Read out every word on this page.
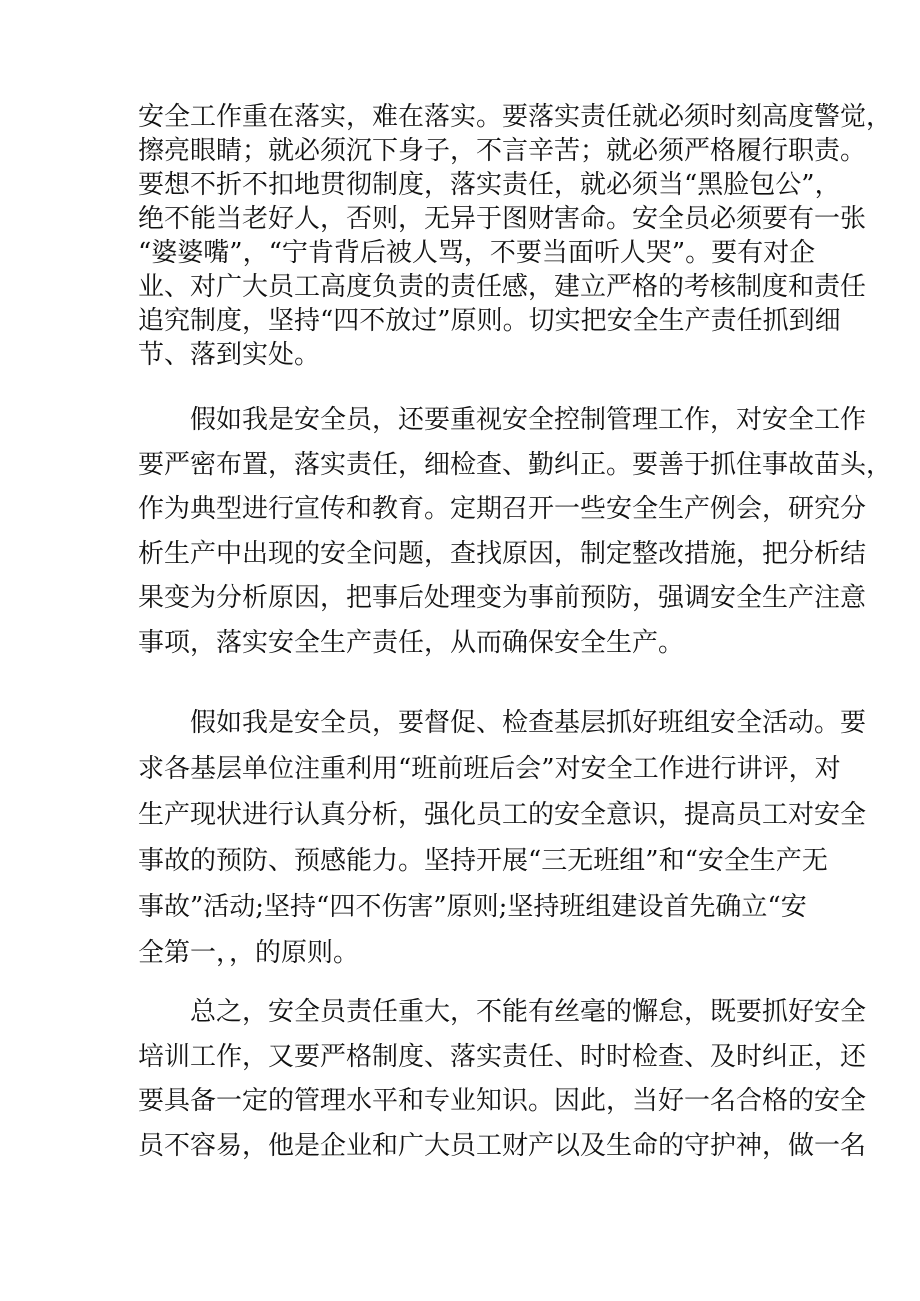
安全工作重在落实，难在落实。要落实责任就必须时刻高度警觉，
擦亮眼睛；就必须沉下身子，不言辛苦；就必须严格履行职责。
要想不折不扣地贯彻制度，落实责任，就必须当“黑脸包公”，
绝不能当老好人，否则，无异于图财害命。安全员必须要有一张
“婆婆嘴”，“宁肯背后被人骂，不要当面听人哭”。要有对企
业、对广大员工高度负责的责任感，建立严格的考核制度和责任
追究制度，坚持“四不放过”原则。切实把安全生产责任抓到细
节、落到实处。
　　假如我是安全员，还要重视安全控制管理工作，对安全工作
要严密布置，落实责任，细检查、勤纠正。要善于抓住事故苗头，
作为典型进行宣传和教育。定期召开一些安全生产例会，研究分
析生产中出现的安全问题，查找原因，制定整改措施，把分析结
果变为分析原因，把事后处理变为事前预防，强调安全生产注意
事项，落实安全生产责任，从而确保安全生产。
　　假如我是安全员，要督促、检查基层抓好班组安全活动。要
求各基层单位注重利用“班前班后会”对安全工作进行讲评，对
生产现状进行认真分析，强化员工的安全意识，提高员工对安全
事故的预防、预感能力。坚持开展“三无班组”和“安全生产无
事故”活动;坚持“四不伤害”原则;坚持班组建设首先确立“安
全第一，，的原则。
　　总之，安全员责任重大，不能有丝毫的懈怠，既要抓好安全
培训工作，又要严格制度、落实责任、时时检查、及时纠正，还
要具备一定的管理水平和专业知识。因此，当好一名合格的安全
员不容易，他是企业和广大员工财产以及生命的守护神，做一名
